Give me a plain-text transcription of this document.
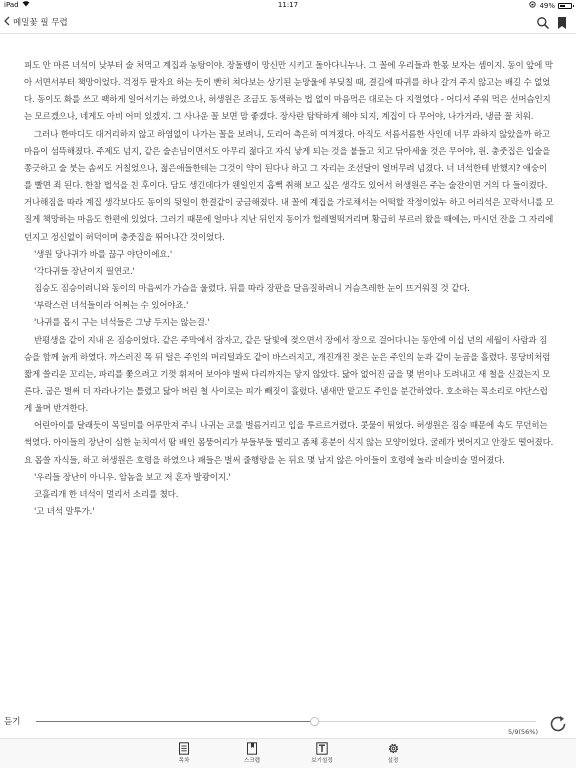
iPad	11:17	49%
메밀꽃 필 무렵

피도 안 마른 녀석이 낮부터 술 처먹고 계집과 농탕이야. 장돌뱅이 망신만 시키고 돌아다니누나. 그 꼴에 우리들과 한몫 보자는 셈이지. 동이 앞에 막아 서면서부터 책망이었다. 걱정두 팔자요 하는 듯이 빤히 쳐다보는 상기된 눈망울에 부딪칠 때, 결김에 따귀를 하나 갈겨 주지 않고는 배길 수 없었다. 동이도 화를 쓰고 팩하게 일어서기는 하였으나, 허생원은 조금도 동색하는 법 없이 마음먹은 대로는 다 지껄였다 - 어디서 주워 먹은 선머슴인지는 모르겠으나, 네게도 아비 어미 있겠지. 그 사나운 꼴 보면 맘 좋겠다. 장사란 탐탁하게 해야 되지, 계집이 다 무어야, 나가거라, 냉큼 꼴 치워.

그러나 한마디도 대거리하지 않고 하염없이 나가는 꼴을 보려니, 도리어 측은히 여겨졌다. 아직도 서름서름한 사인데 너무 과하지 않았을까 하고 마음이 섬뜩해졌다. 주제도 넘지, 같은 술손님이면서도 아무리 젊다고 자식 낳게 되는 것을 붙들고 치고 닦아세울 것은 무어야, 원. 충줏집은 입술을 쫑긋하고 술 붓는 솜씨도 거칠었으나, 젊은애들한테는 그것이 약이 된다나 하고 그 자리는 조선달이 얼버무려 넘겼다. 너 녀석한테 반했지? 애숭이를 빨면 죄 된다. 한참 법석을 친 후이다. 담도 생긴데다가 웬일인지 흡뻑 취해 보고 싶은 생각도 있어서 허생원은 주는 술잔이면 거의 다 들이켰다. 거나해짐을 따라 계집 생각보다도 동이의 뒷일이 한결같이 궁금해졌다. 내 꼴에 계집을 가로채서는 어떡할 작정이었누 하고 어리석은 꼬락서니를 모질게 책망하는 마음도 한편에 있었다. 그러기 때문에 얼마나 지난 뒤인지 동이가 헐레벌떡거리며 황급히 부르러 왔을 때에는, 마시던 잔을 그 자리에 던지고 정신없이 허덕이며 충줏집을 뛰어나간 것이었다.

'생원 당나귀가 바를 끊구 야단이에요.'

'각다귀들 장난이지 필연코.'

짐승도 짐승이려니와 동이의 마음씨가 가슴을 울렸다. 뒤를 따라 장판을 달음질하려니 거슴츠레한 눈이 뜨거워질 것 같다.

'부락스런 녀석들이라 어쩌는 수 있어야죠.'

'나귀를 몹시 구는 녀석들은 그냥 두지는 않는걸.'

반평생을 같이 지내 온 짐승이었다. 같은 주막에서 잠자고, 같은 달빛에 젖으면서 장에서 장으로 걸어다니는 동안에 이십 년의 세월이 사람과 짐승을 함께 늙게 하였다. 까스러진 목 뒤 털은 주인의 머리털과도 같이 바스러지고, 개진개진 젖은 눈은 주인의 눈과 같이 눈곱을 흘렸다. 몽당비처럼 짧게 쓸리운 꼬리는, 파리를 쫓으려고 기껏 휘저어 보아야 벌써 다리까지는 닿지 않았다. 닳아 없어진 굽을 몇 번이나 도려내고 새 철을 신겼는지 모른다. 굽은 벌써 더 자라나기는 틀렸고 닳아 버린 철 사이로는 피가 빼짓이 흘렀다. 냄새만 맡고도 주인을 분간하였다. 호소하는 목소리로 야단스럽게 울며 반겨한다.

어린아이를 달래듯이 목덜미를 어루만져 주니 나귀는 코를 벌름거리고 입을 투르르거렸다. 콧물이 튀었다. 허생원은 짐승 때문에 속도 무던히는 썩였다. 아이들의 장난이 심한 눈치여서 땀 배인 몸뚱어리가 부들부들 떨리고 좀체 흥분이 식지 않는 모양이었다. 굴레가 벗어지고 안장도 떨어졌다. 요 몹쓸 자식들, 하고 허생원은 호령을 하였으나 패들은 벌써 줄행랑을 논 뒤요 몇 남지 않은 아이들이 호령에 놀라 비슬비슬 멀어졌다.

'우리들 장난이 아니우. 암놈을 보고 저 혼자 발광이지.'

코흘리개 한 녀석이 멀리서 소리를 쳤다.

'고 녀석 말투가.'

듣기
5/9(56%)
목차	스크랩	보기설정	설정
